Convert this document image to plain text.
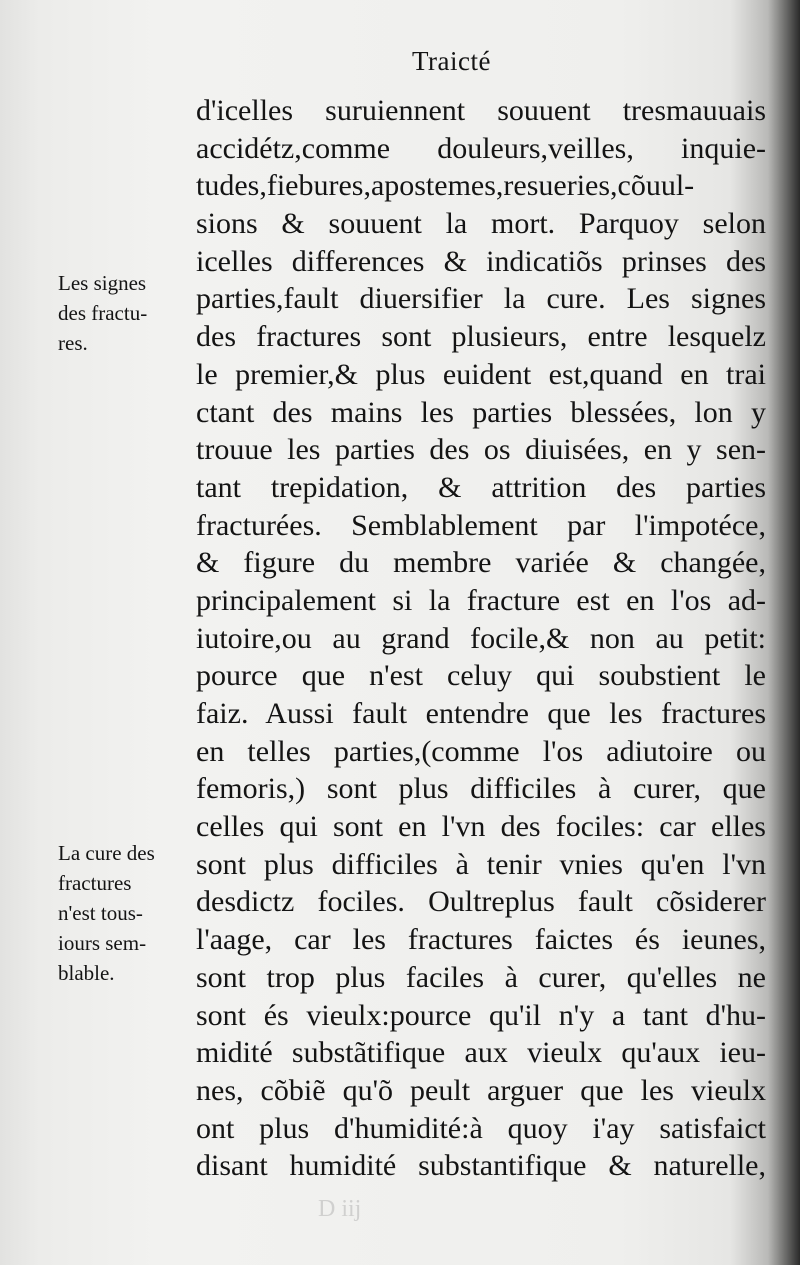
Traicté
d'icelles suruiennent souuent tresmauuais
accidétz,comme douleurs,veilles, inquie-
tudes,fiebures,apostemes,resueries,cõuul-
sions & souuent la mort. Parquoy selon
icelles differences & indicatiõs prinses des
parties,fault diuersifier la cure. Les signes
des fractures sont plusieurs, entre lesquelz
le premier,& plus euident est,quand en trai
ctant des mains les parties blessées, lon y
trouue les parties des os diuisées, en y sen-
tant trepidation, & attrition des parties
fracturées. Semblablement par l'impotéce,
& figure du membre variée & changée,
principalement si la fracture est en l'os ad-
iutoire,ou au grand focile,& non au petit:
pource que n'est celuy qui soubstient le
faiz. Aussi fault entendre que les fractures
en telles parties,(comme l'os adiutoire ou
femoris,) sont plus difficiles à curer, que
celles qui sont en l'vn des fociles: car elles
sont plus difficiles à tenir vnies qu'en l'vn
desdictz fociles. Oultreplus fault cõsiderer
l'aage, car les fractures faictes és ieunes,
sont trop plus faciles à curer, qu'elles ne
sont és vieulx:pource qu'il n'y a tant d'hu-
midité substãtifique aux vieulx qu'aux ieu-
nes, cõbiẽ qu'õ peult arguer que les vieulx
ont plus d'humidité:à quoy i'ay satisfaict
disant humidité substantifique & naturelle,
Les signes
des fractu-
res.
La cure des
fractures
n'est tous-
iours sem-
blable.
D iij
